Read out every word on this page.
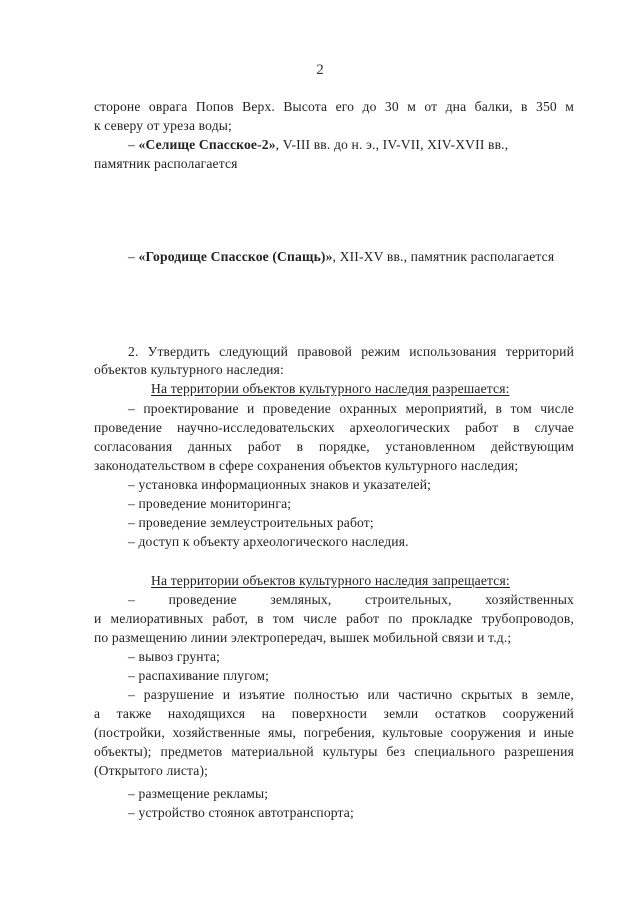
2
стороне оврага Попов Верх. Высота его до 30 м от дна балки, в 350 м
к северу от уреза воды;
– «Селище Спасское-2», V-III вв. до н. э., IV-VII, XIV-XVII вв.,
памятник располагается
– «Городище Спасское (Спащь)», XII-XV вв., памятник располагается
2. Утвердить следующий правовой режим использования территорий
объектов культурного наследия:
На территории объектов культурного наследия разрешается:
– проектирование и проведение охранных мероприятий, в том числе
проведение научно-исследовательских археологических работ в случае
согласования данных работ в порядке, установленном действующим
законодательством в сфере сохранения объектов культурного наследия;
– установка информационных знаков и указателей;
– проведение мониторинга;
– проведение землеустроительных работ;
– доступ к объекту археологического наследия.
На территории объектов культурного наследия запрещается:
– проведение земляных, строительных, хозяйственных
и мелиоративных работ, в том числе работ по прокладке трубопроводов,
по размещению линии электропередач, вышек мобильной связи и т.д.;
– вывоз грунта;
– распахивание плугом;
– разрушение и изъятие полностью или частично скрытых в земле,
а также находящихся на поверхности земли остатков сооружений
(постройки, хозяйственные ямы, погребения, культовые сооружения и иные
объекты); предметов материальной культуры без специального разрешения
(Открытого листа);
– размещение рекламы;
– устройство стоянок автотранспорта;
